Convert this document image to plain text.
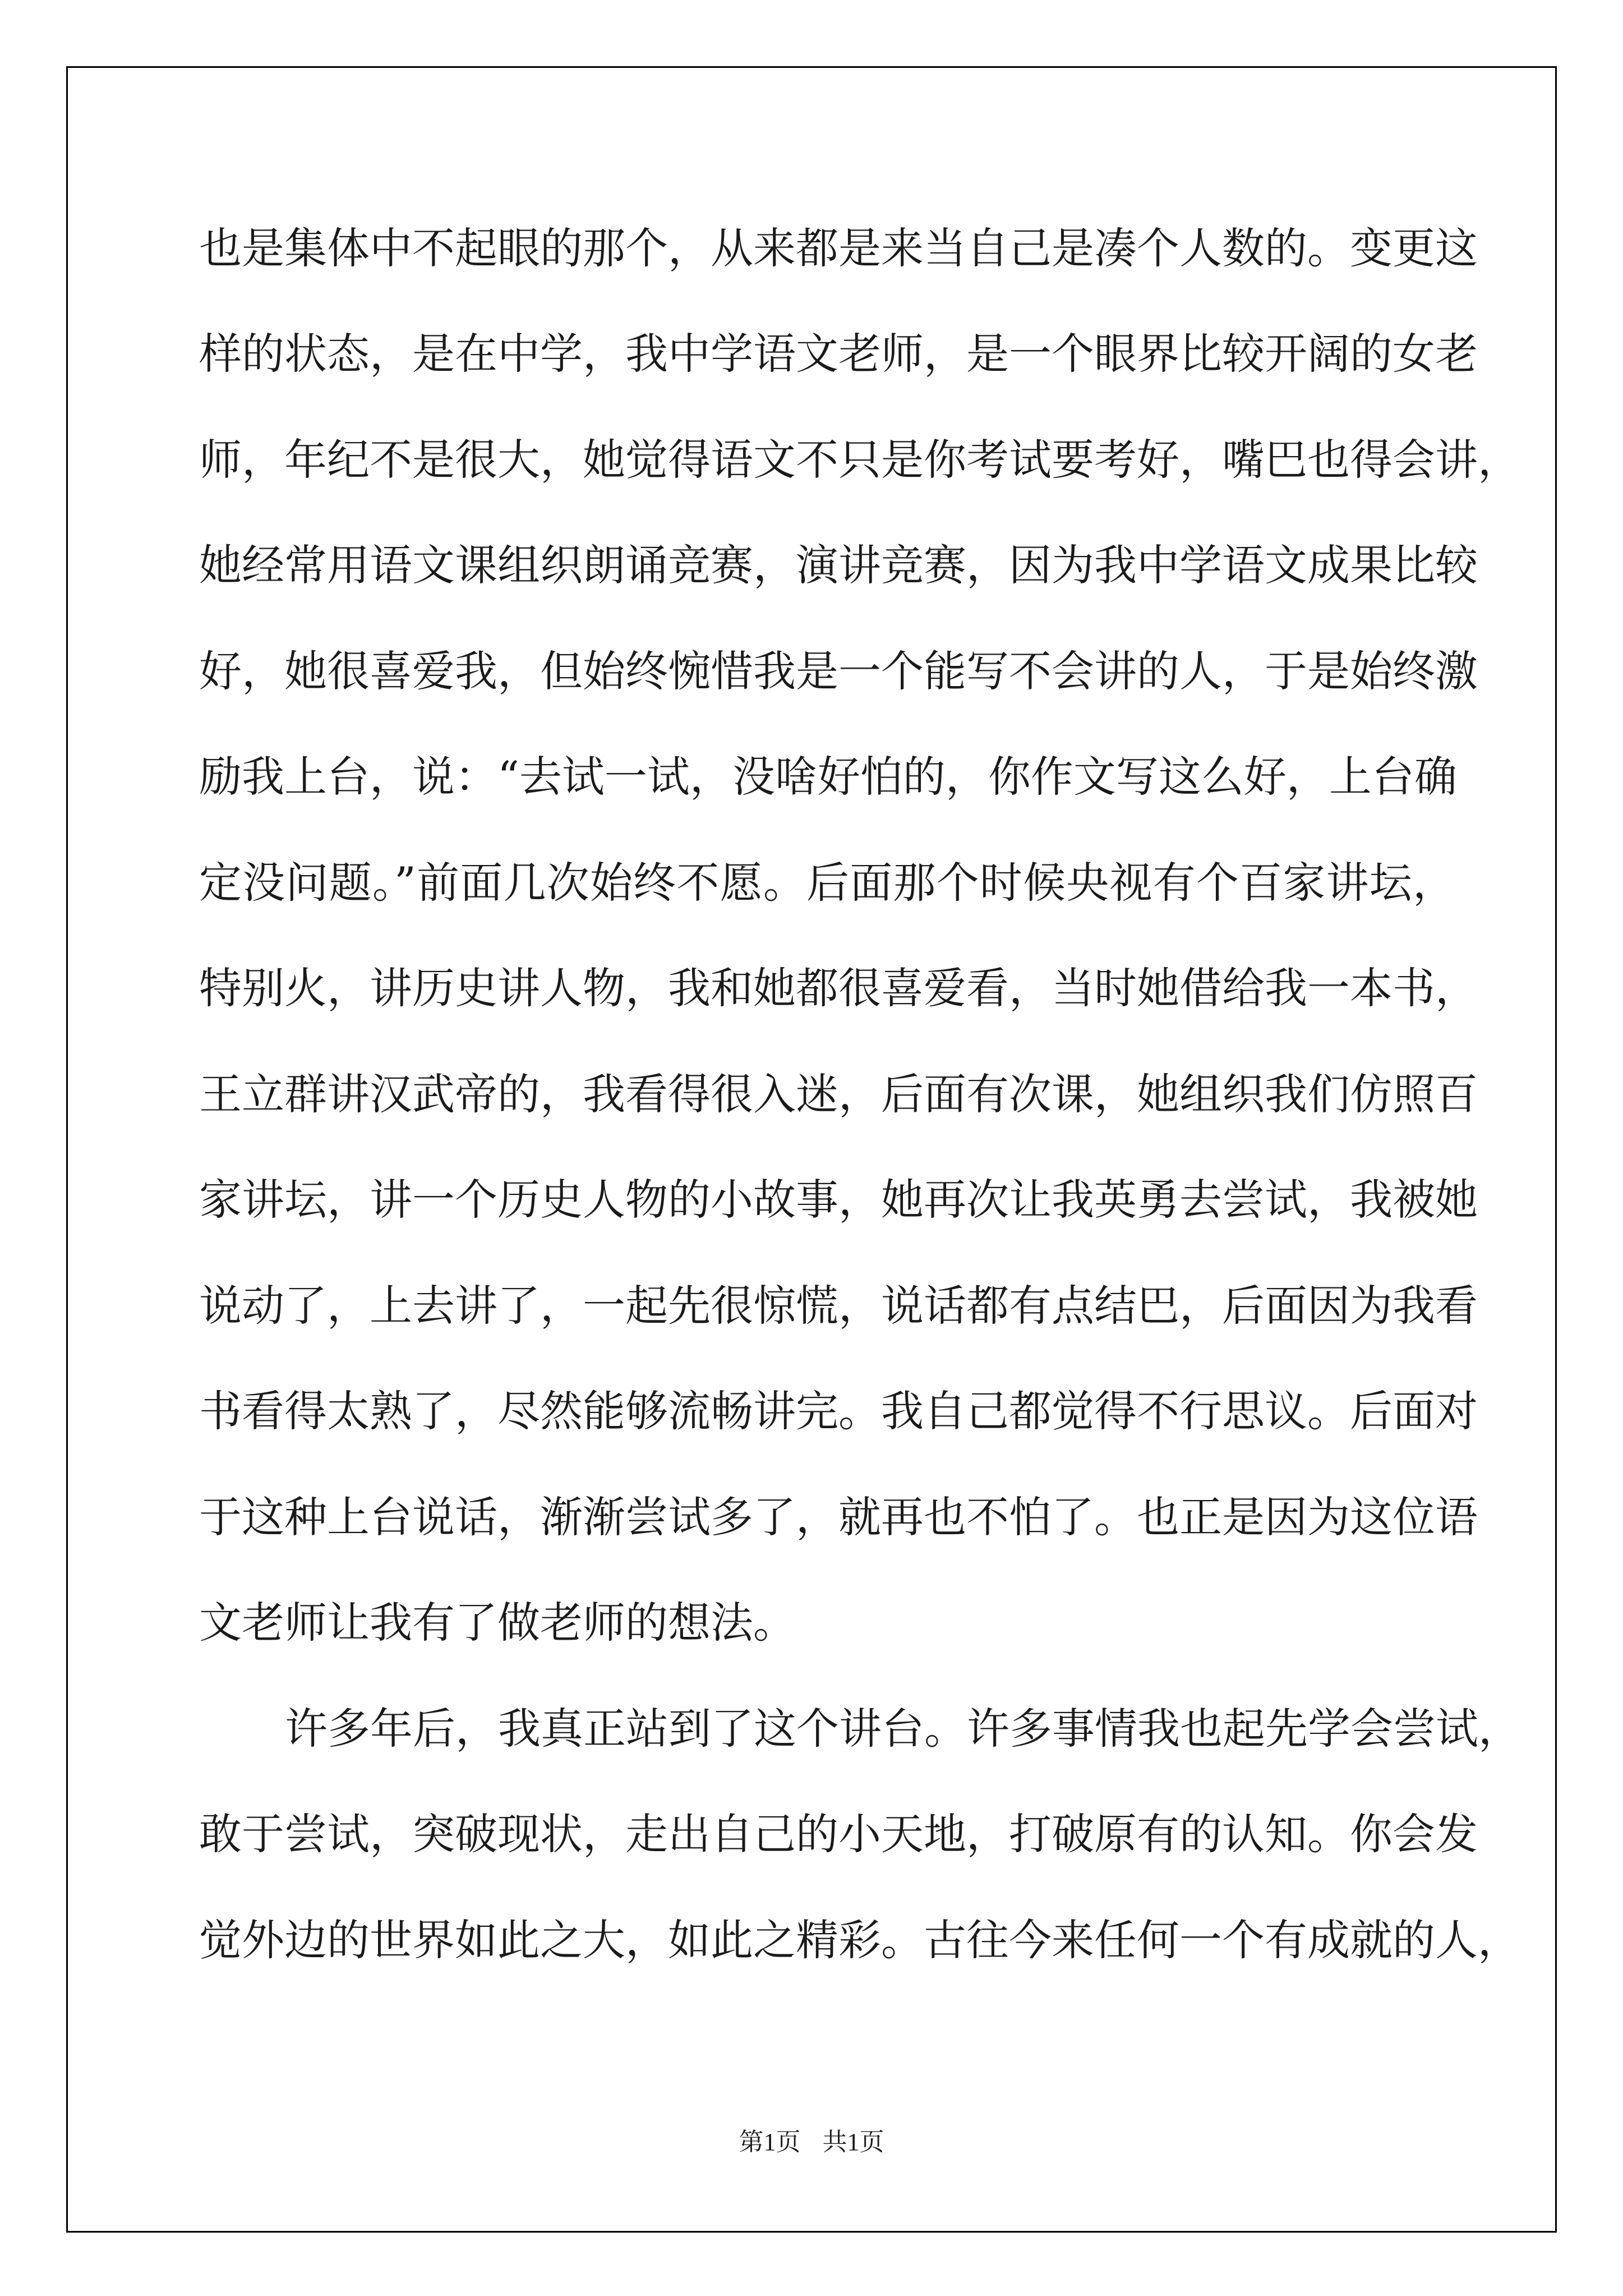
也是集体中不起眼的那个，从来都是来当自己是凑个人数的。变更这

样的状态，是在中学，我中学语文老师，是一个眼界比较开阔的女老

师，年纪不是很大，她觉得语文不只是你考试要考好，嘴巴也得会讲，

她经常用语文课组织朗诵竞赛，演讲竞赛，因为我中学语文成果比较

好，她很喜爱我，但始终惋惜我是一个能写不会讲的人，于是始终激

励我上台，说：“去试一试，没啥好怕的，你作文写这么好，上台确

定没问题。”前面几次始终不愿。后面那个时候央视有个百家讲坛，

特别火，讲历史讲人物，我和她都很喜爱看，当时她借给我一本书，

王立群讲汉武帝的，我看得很入迷，后面有次课，她组织我们仿照百

家讲坛，讲一个历史人物的小故事，她再次让我英勇去尝试，我被她

说动了，上去讲了，一起先很惊慌，说话都有点结巴，后面因为我看

书看得太熟了，尽然能够流畅讲完。我自己都觉得不行思议。后面对

于这种上台说话，渐渐尝试多了，就再也不怕了。也正是因为这位语

文老师让我有了做老师的想法。

许多年后，我真正站到了这个讲台。许多事情我也起先学会尝试，

敢于尝试，突破现状，走出自己的小天地，打破原有的认知。你会发

觉外边的世界如此之大，如此之精彩。古往今来任何一个有成就的人，

第1页 共1页
